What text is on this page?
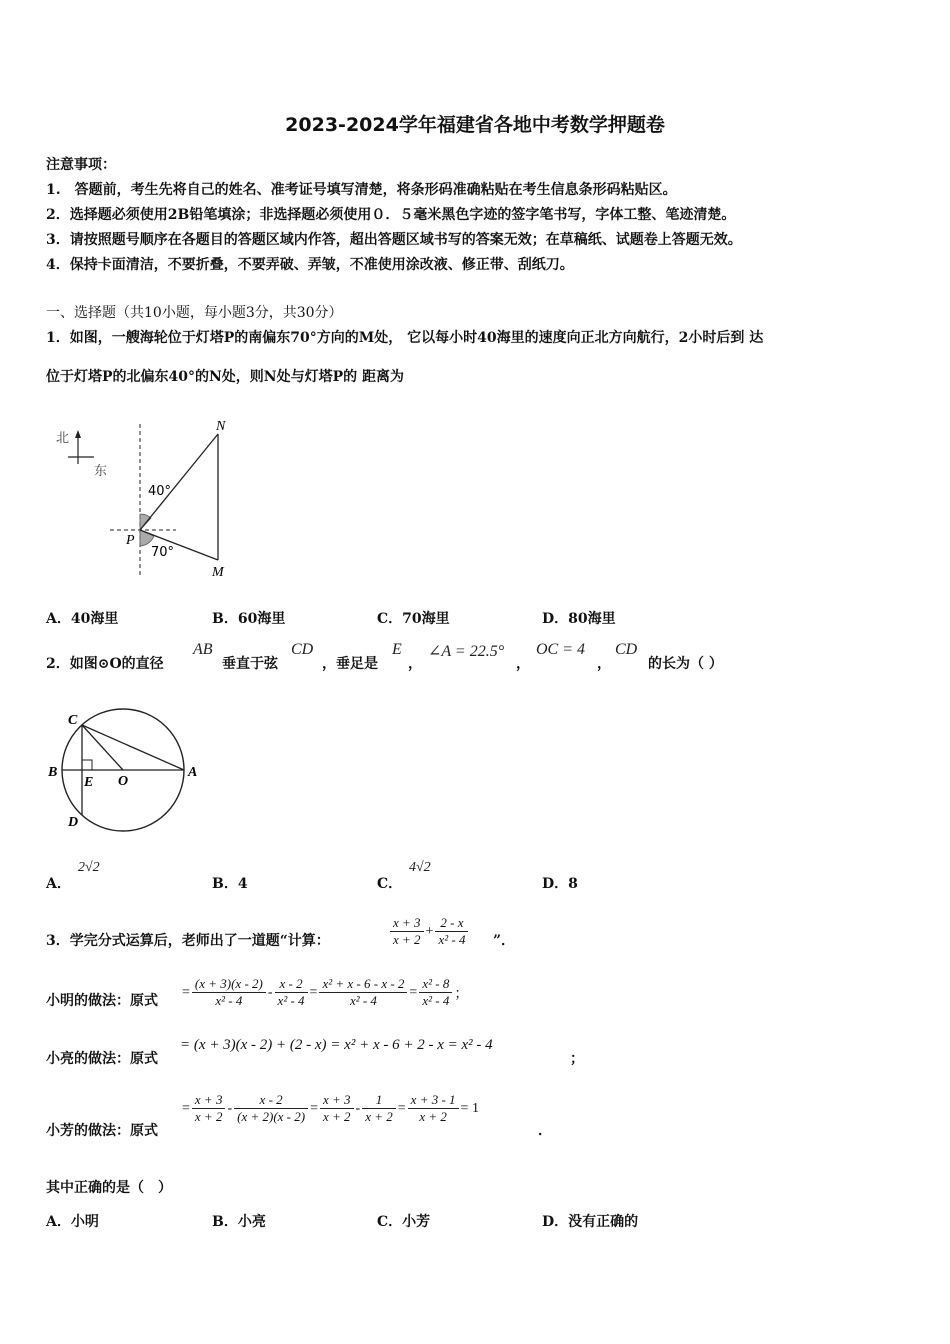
2023-2024学年福建省各地中考数学押题卷
注意事项：
1.　答题前，考生先将自己的姓名、准考证号填写清楚，将条形码准确粘贴在考生信息条形码粘贴区。
2．选择题必须使用2B铅笔填涂；非选择题必须使用０．５毫米黑色字迹的签字笔书写，字体工整、笔迹清楚。
3．请按照题号顺序在各题目的答题区域内作答，超出答题区域书写的答案无效；在草稿纸、试题卷上答题无效。
4．保持卡面清洁，不要折叠，不要弄破、弄皱，不准使用涂改液、修正带、刮纸刀。
一、选择题（共10小题，每小题3分，共30分）
1．如图，一艘海轮位于灯塔P的南偏东70°方向的M处， 它以每小时40海里的速度向正北方向航行，2小时后到 达
位于灯塔P的北偏东40°的N处，则N处与灯塔P的 距离为
北
东
N
M
P
40°
70°
A．40海里	B．60海里	C．70海里	D．80海里
2．如图⊙O的直径
AB
垂直于弦
CD
，垂足是
E
，
∠A = 22.5°
，
OC = 4
，
CD
的长为（ ）
C
B
E O
A
D
A．
2√2
B．4	C．
4√2
D．8
3．学完分式运算后，老师出了一道题“计算：	$\frac{x + 3}{x + 2} + \frac{2 - x}{\text{x² - 4}}$ ”．
小明的做法：原式
= $\frac{(x + 3)(x - 2)}{\text{x² - 4}} - \frac{x - 2}{\text{x² - 4}} = \frac{\text{x² + x - 6 - x - 2}}{\text{x² - 4}} = \frac{\text{x² - 8}}{\text{x² - 4}}$ ；
小亮的做法：原式
= (x + 3)(x - 2) + (2 - x) = x² + x - 6 + 2 - x = x² - 4
；
小芳的做法：原式
= $\frac{x + 3}{x + 2} - \frac{x - 2}{(x + 2)(x - 2)} = \frac{x + 3}{x + 2} - \frac{1}{x + 2} = \frac{x + 3 - 1}{x + 2} = 1$
．
其中正确的是（　）
A．小明	B．小亮	C．小芳	D．没有正确的
